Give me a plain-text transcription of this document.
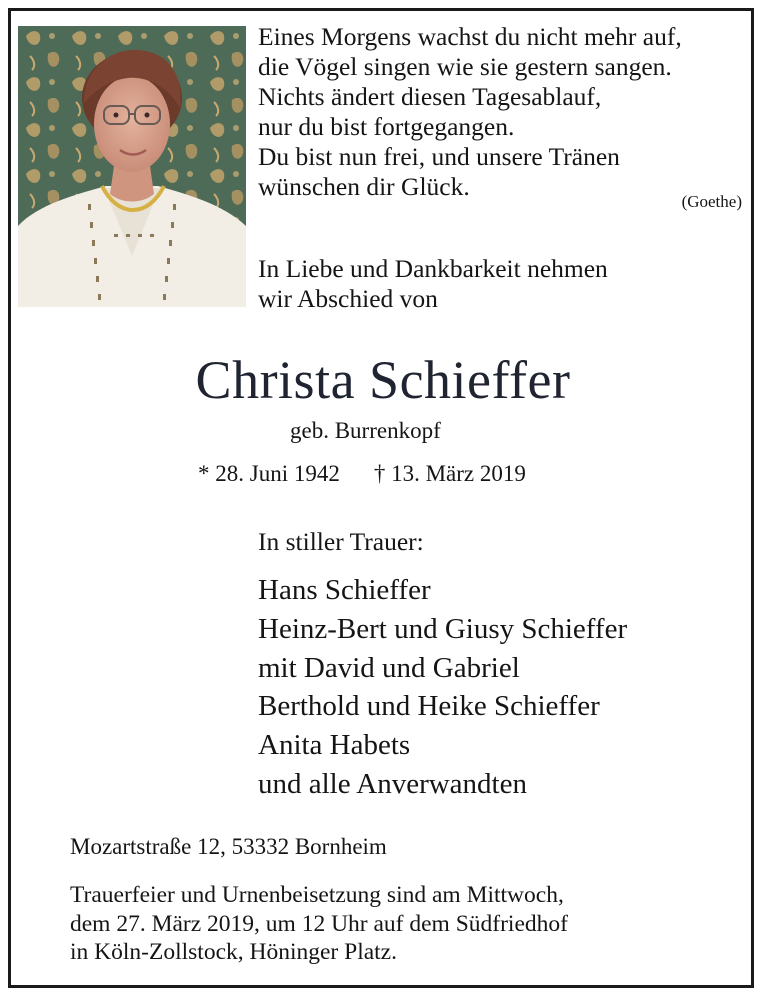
Eines Morgens wachst du nicht mehr auf,
die Vögel singen wie sie gestern sangen.
Nichts ändert diesen Tagesablauf,
nur du bist fortgegangen.
Du bist nun frei, und unsere Tränen
wünschen dir Glück.
(Goethe)
In Liebe und Dankbarkeit nehmen
wir Abschied von
Christa Schieffer
geb. Burrenkopf
* 28. Juni 1942 † 13. März 2019
In stiller Trauer:
Hans Schieffer
Heinz-Bert und Giusy Schieffer
mit David und Gabriel
Berthold und Heike Schieffer
Anita Habets
und alle Anverwandten
Mozartstraße 12, 53332 Bornheim
Trauerfeier und Urnenbeisetzung sind am Mittwoch,
dem 27. März 2019, um 12 Uhr auf dem Südfriedhof
in Köln-Zollstock, Höninger Platz.
